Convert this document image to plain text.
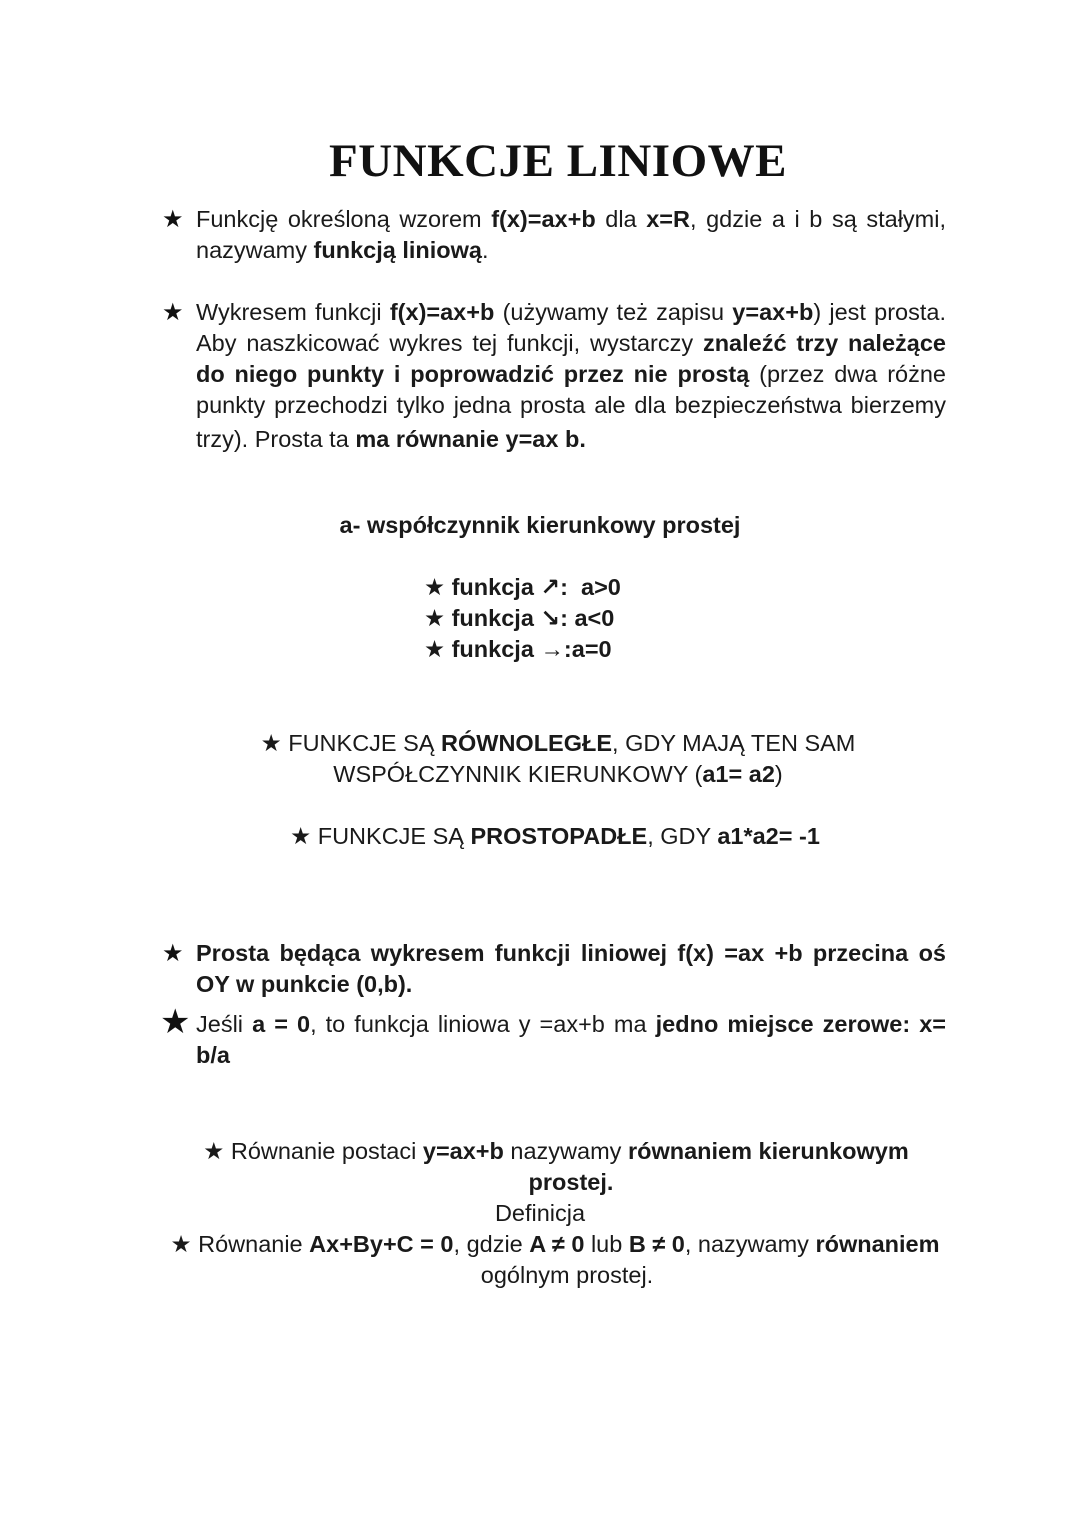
FUNKCJE LINIOWE
★ Funkcję określoną wzorem f(x)=ax+b dla x=R, gdzie a i b są stałymi,
nazywamy funkcją liniową.
★ Wykresem funkcji f(x)=ax+b (używamy też zapisu y=ax+b) jest prosta.
Aby naszkicować wykres tej funkcji, wystarczy znaleźć trzy należące
do niego punkty i poprowadzić przez nie prostą (przez dwa różne
punkty przechodzi tylko jedna prosta ale dla bezpieczeństwa bierzemy
trzy). Prosta ta ma równanie y=ax b.
a- współczynnik kierunkowy prostej
★ funkcja ↗: a>0
★ funkcja ↘: a<0
★ funkcja →:a=0
★ FUNKCJE SĄ RÓWNOLEGŁE, GDY MAJĄ TEN SAM
WSPÓŁCZYNNIK KIERUNKOWY (a1= a2)
★ FUNKCJE SĄ PROSTOPADŁE, GDY a1*a2= -1
★ Prosta będąca wykresem funkcji liniowej f(x) =ax +b przecina oś
OY w punkcie (0,b).
★ Jeśli a = 0, to funkcja liniowa y =ax+b ma jedno miejsce zerowe: x=
b/a
★ Równanie postaci y=ax+b nazywamy równaniem kierunkowym
prostej.
Definicja
★ Równanie Ax+By+C = 0, gdzie A ≠ 0 lub B ≠ 0, nazywamy równaniem
ogólnym prostej.
